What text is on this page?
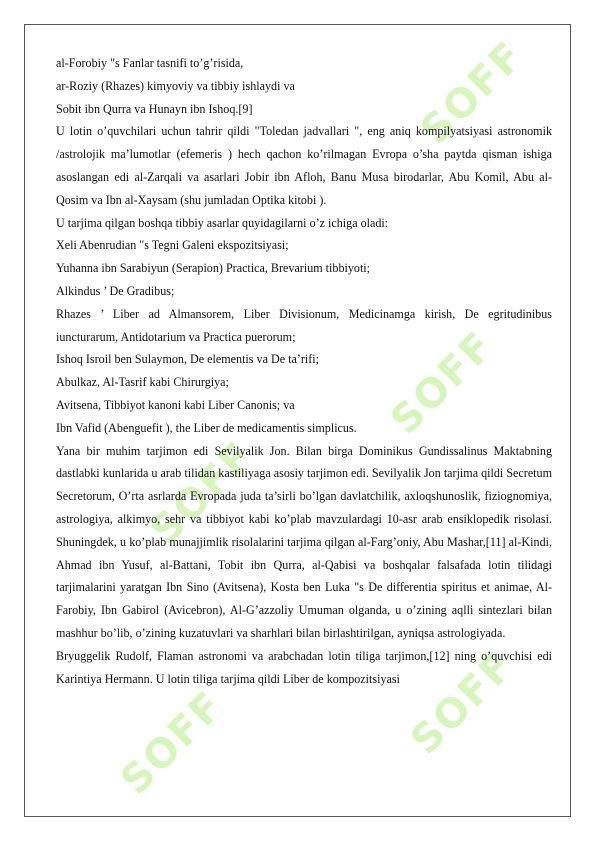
SOFF
SOFF
SOFF
SOFF
SOFF

al-Forobiy "s Fanlar tasnifi to’g’risida,

ar-Roziy (Rhazes) kimyoviy va tibbiy ishlaydi va

Sobit ibn Qurra va Hunayn ibn Ishoq.[9]

U lotin o’quvchilari uchun tahrir qildi "Toledan jadvallari ", eng aniq kompilyatsiyasi astronomik /astrolojik ma’lumotlar (efemeris ) hech qachon ko’rilmagan Evropa o’sha paytda qisman ishiga asoslangan edi al-Zarqali va asarlari Jobir ibn Afloh, Banu Musa birodarlar, Abu Komil, Abu al-Qosim va Ibn al-Xaysam (shu jumladan Optika kitobi ).

U tarjima qilgan boshqa tibbiy asarlar quyidagilarni o’z ichiga oladi:

Xeli Abenrudian "s Tegni Galeni ekspozitsiyasi;

Yuhanna ibn Sarabiyun (Serapion) Practica, Brevarium tibbiyoti;

Alkindus ’ De Gradibus;

Rhazes ’ Liber ad Almansorem, Liber Divisionum, Medicinamga kirish, De egritudinibus iuncturarum, Antidotarium va Practica puerorum;

Ishoq Isroil ben Sulaymon, De elementis va De ta’rifi;

Abulkaz, Al-Tasrif kabi Chirurgiya;

Avitsena, Tibbiyot kanoni kabi Liber Canonis; va

Ibn Vafid (Abenguefit ), the Liber de medicamentis simplicus.

Yana bir muhim tarjimon edi Sevilyalik Jon. Bilan birga Dominikus Gundissalinus Maktabning dastlabki kunlarida u arab tilidan kastiliyaga asosiy tarjimon edi. Sevilyalik Jon tarjima qildi Secretum Secretorum, O’rta asrlarda Evropada juda ta’sirli bo’lgan davlatchilik, axloqshunoslik, fiziognomiya, astrologiya, alkimyo, sehr va tibbiyot kabi ko’plab mavzulardagi 10-asr arab ensiklopedik risolasi. Shuningdek, u ko’plab munajjimlik risolalarini tarjima qilgan al-Farg’oniy, Abu Mashar,[11] al-Kindi, Ahmad ibn Yusuf, al-Battani, Tobit ibn Qurra, al-Qabisi va boshqalar falsafada lotin tilidagi tarjimalarini yaratgan Ibn Sino (Avitsena), Kosta ben Luka "s De differentia spiritus et animae, Al-Farobiy, Ibn Gabirol (Avicebron), Al-G’azzoliy Umuman olganda, u o’zining aqlli sintezlari bilan mashhur bo’lib, o’zining kuzatuvlari va sharhlari bilan birlashtirilgan, ayniqsa astrologiyada.

Bryuggelik Rudolf, Flaman astronomi va arabchadan lotin tiliga tarjimon,[12] ning o’quvchisi edi Karintiya Hermann. U lotin tiliga tarjima qildi Liber de kompozitsiyasi
